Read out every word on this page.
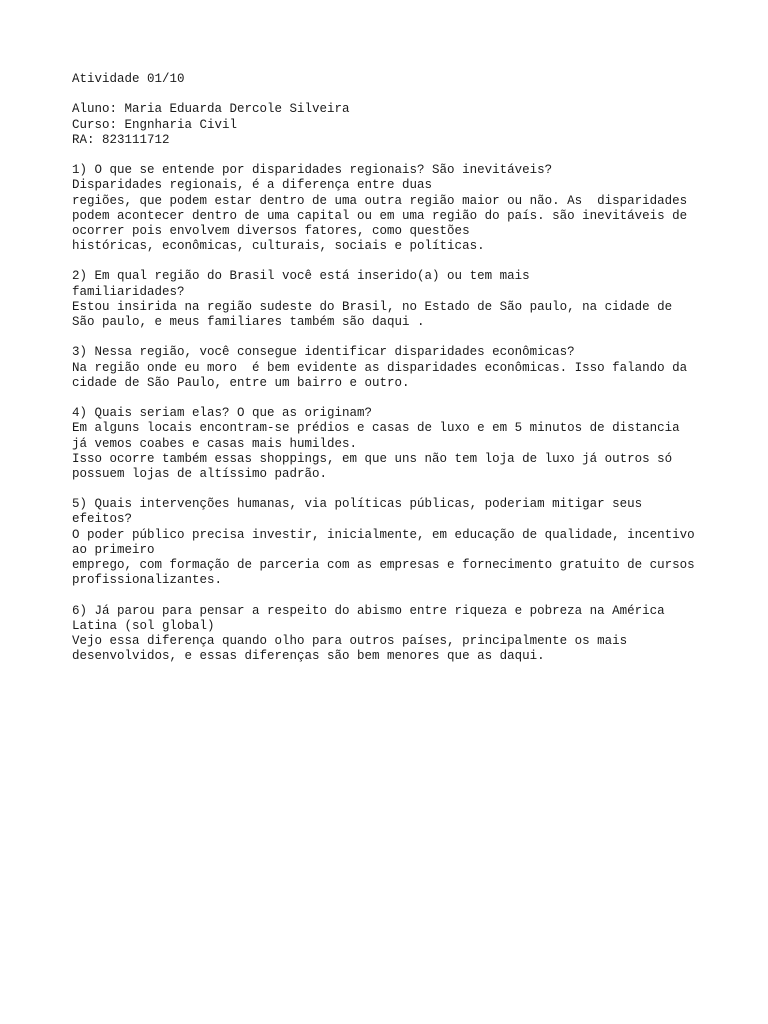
Atividade 01/10
Aluno: Maria Eduarda Dercole Silveira
Curso: Engnharia Civil
RA: 823111712
1) O que se entende por disparidades regionais? São inevitáveis?
Disparidades regionais, é a diferença entre duas
regiões, que podem estar dentro de uma outra região maior ou não. As  disparidades
podem acontecer dentro de uma capital ou em uma região do país. são inevitáveis de
ocorrer pois envolvem diversos fatores, como questões
históricas, econômicas, culturais, sociais e políticas.
2) Em qual região do Brasil você está inserido(a) ou tem mais
familiaridades?
Estou insirida na região sudeste do Brasil, no Estado de São paulo, na cidade de
São paulo, e meus familiares também são daqui .
3) Nessa região, você consegue identificar disparidades econômicas?
Na região onde eu moro  é bem evidente as disparidades econômicas. Isso falando da
cidade de São Paulo, entre um bairro e outro.
4) Quais seriam elas? O que as originam?
Em alguns locais encontram-se prédios e casas de luxo e em 5 minutos de distancia
já vemos coabes e casas mais humildes.
Isso ocorre também essas shoppings, em que uns não tem loja de luxo já outros só
possuem lojas de altíssimo padrão.
5) Quais intervenções humanas, via políticas públicas, poderiam mitigar seus
efeitos?
O poder público precisa investir, inicialmente, em educação de qualidade, incentivo
ao primeiro
emprego, com formação de parceria com as empresas e fornecimento gratuito de cursos
profissionalizantes.
6) Já parou para pensar a respeito do abismo entre riqueza e pobreza na América
Latina (sol global)
Vejo essa diferença quando olho para outros países, principalmente os mais
desenvolvidos, e essas diferenças são bem menores que as daqui.
